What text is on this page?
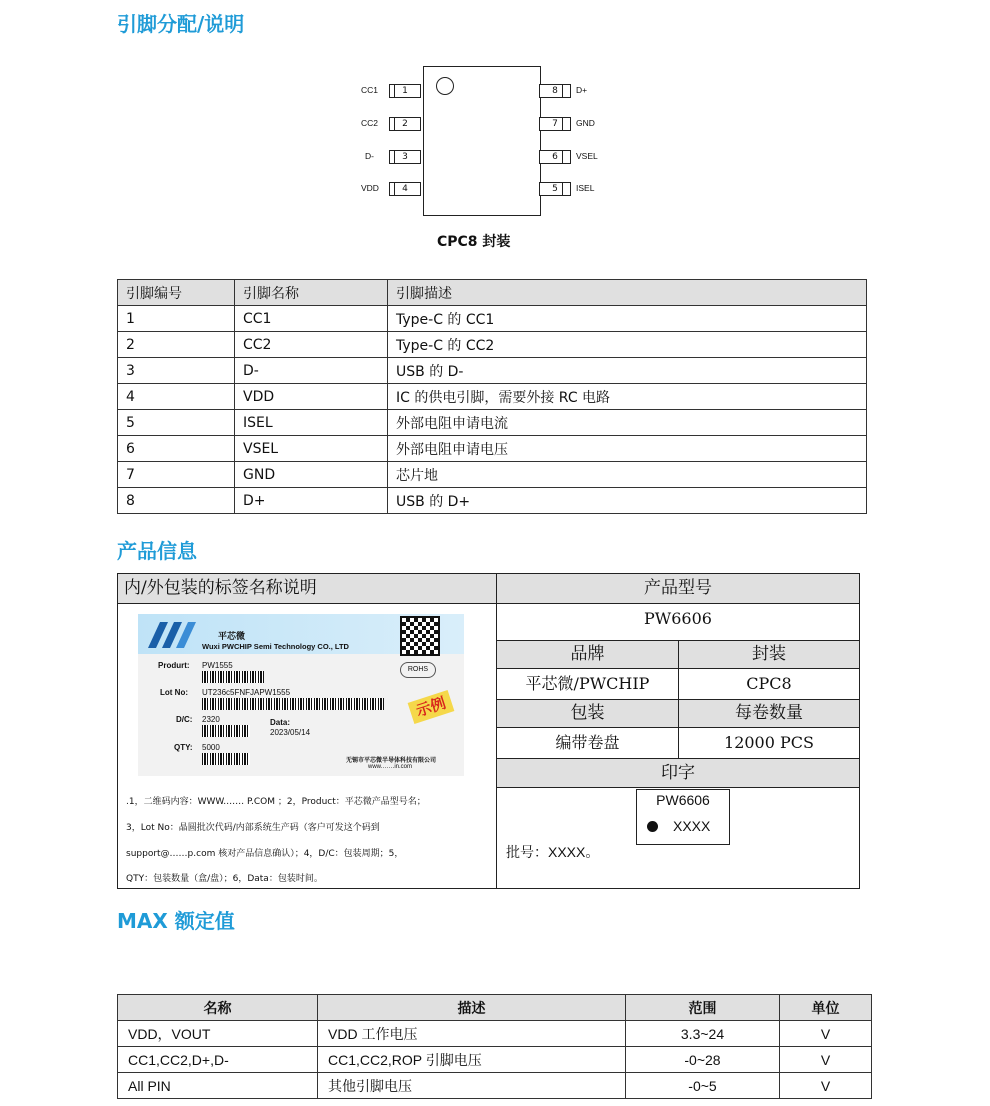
引脚分配/说明
CC1	1
CC2	2
D-	3
VDD	4
8	D+
7	GND
6	VSEL
5	ISEL
CPC8 封装
引脚编号	引脚名称	引脚描述
1	CC1	Type-C 的 CC1
2	CC2	Type-C 的 CC2
3	D-	USB 的 D-
4	VDD	IC 的供电引脚，需要外接 RC 电路
5	ISEL	外部电阻申请电流
6	VSEL	外部电阻申请电压
7	GND	芯片地
8	D+	USB 的 D+
产品信息
内/外包装的标签名称说明	产品型号
PW6606
品牌	封装
平芯微/PWCHIP	CPC8
包装	每卷数量
编带卷盘	12000 PCS
印字
PW6606
XXXX
批号：XXXX。
平芯微
Wuxi PWCHIP Semi Technology CO., LTD
ROHS
示例
Produrt: PW1555
Lot No: UT236c5FNFJAPW1555
D/C: 2320	Data:
2023/05/14
QTY: 5000
无锡市平芯微半导体科技有限公司
www.……in.com
.1，二维码内容：WWW.…… P.COM ；2，Product：平芯微产品型号名；
3，Lot No：晶圆批次代码/内部系统生产码（客户可发这个码到
support@……p.com 核对产品信息确认）；4，D/C：包装周期；5，
QTY：包装数量（盒/盘）；6，Data：包装时间。
MAX 额定值
名称	描述	范围	单位
VDD，VOUT	VDD 工作电压	3.3~24	V
CC1,CC2,D+,D-	CC1,CC2,ROP 引脚电压	-0~28	V
All PIN	其他引脚电压	-0~5	V
